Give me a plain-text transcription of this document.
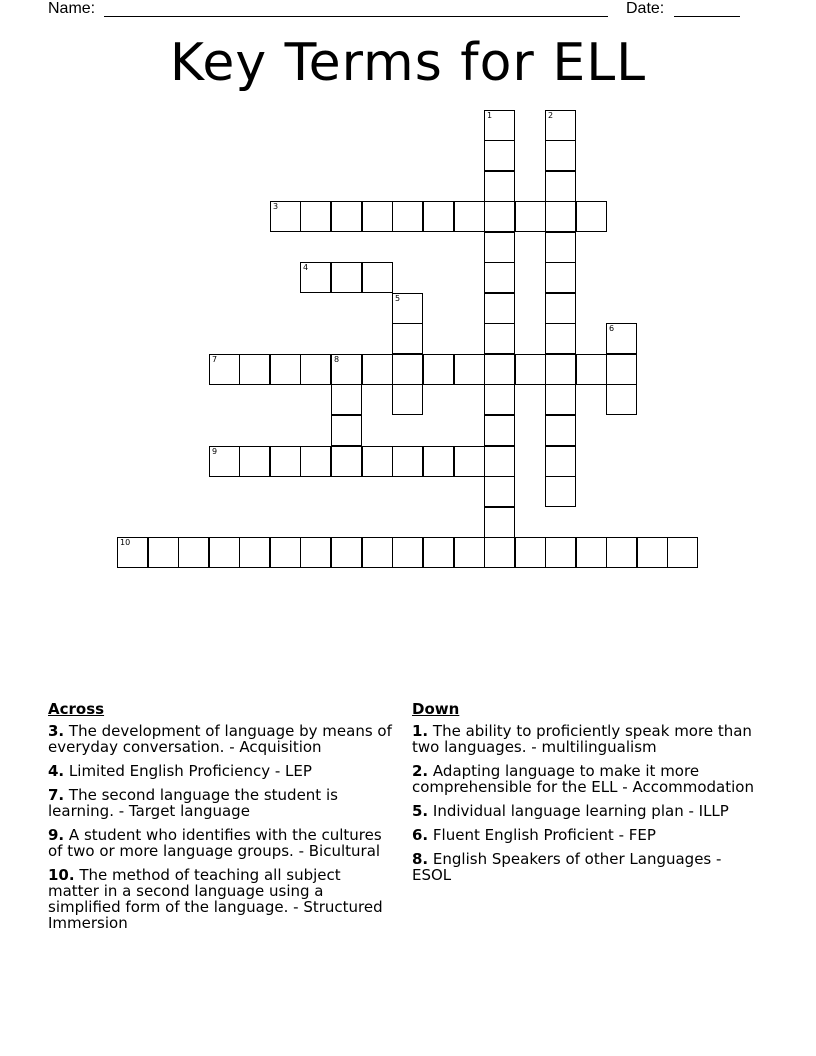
Name:	Date:
Key Terms for ELL
1	2
3
4
5
6
7	8
9
10
Across
3. The development of language by means of everyday conversation. - Acquisition
4. Limited English Proficiency - LEP
7. The second language the student is learning. - Target language
9. A student who identifies with the cultures of two or more language groups. - Bicultural
10. The method of teaching all subject matter in a second language using a simplified form of the language. - Structured Immersion
Down
1. The ability to proficiently speak more than two languages. - multilingualism
2. Adapting language to make it more comprehensible for the ELL - Accommodation
5. Individual language learning plan - ILLP
6. Fluent English Proficient - FEP
8. English Speakers of other Languages - ESOL
